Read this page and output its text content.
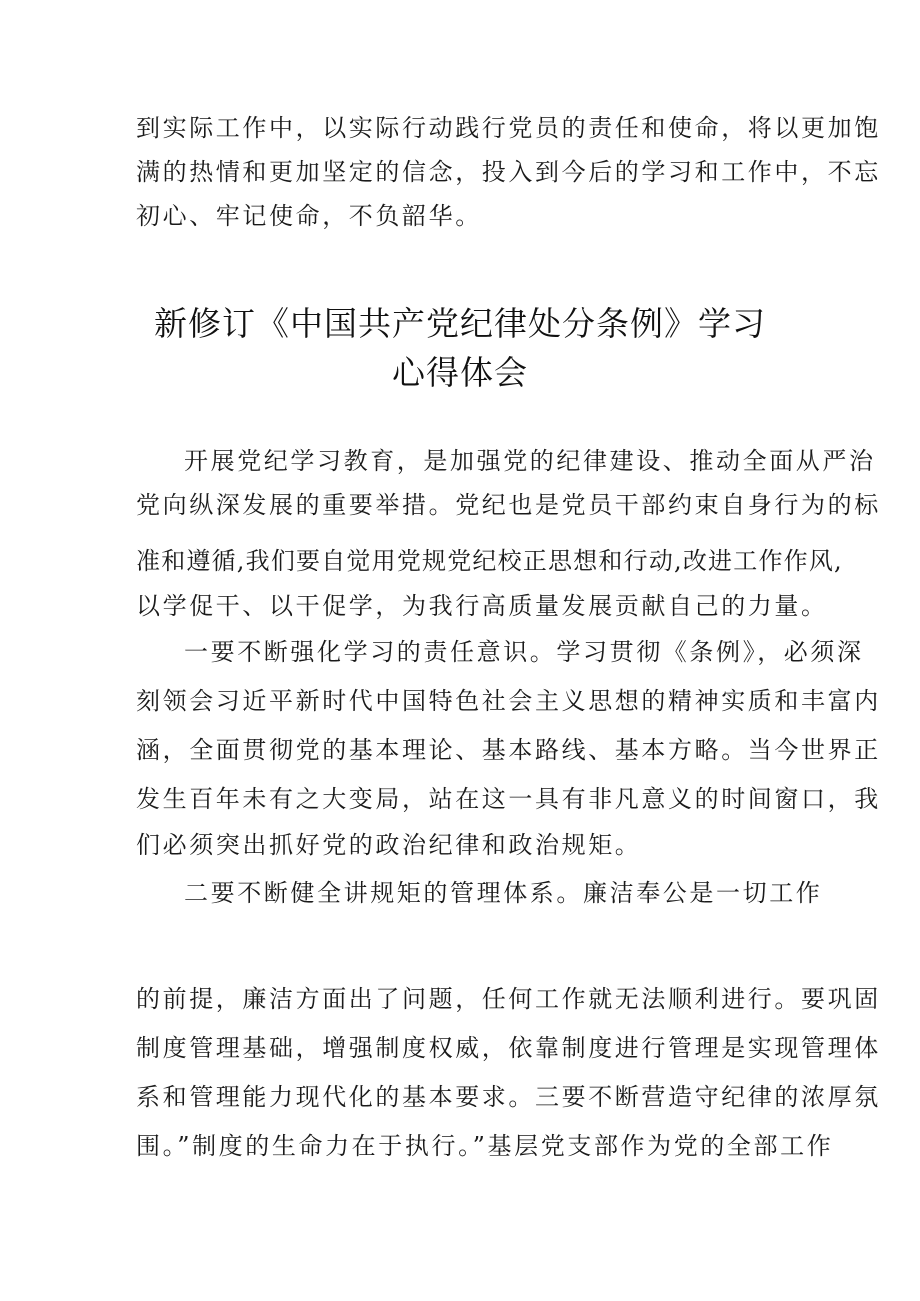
到实际工作中，以实际行动践行党员的责任和使命，将以更加饱
满的热情和更加坚定的信念，投入到今后的学习和工作中，不忘
初心、牢记使命，不负韶华。
新修订《中国共产党纪律处分条例》学习
心得体会
开展党纪学习教育，是加强党的纪律建设、推动全面从严治
党向纵深发展的重要举措。党纪也是党员干部约束自身行为的标
准和遵循,我们要自觉用党规党纪校正思想和行动,改进工作作风,
以学促干、以干促学，为我行高质量发展贡献自己的力量。
一要不断强化学习的责任意识。学习贯彻《条例》，必须深
刻领会习近平新时代中国特色社会主义思想的精神实质和丰富内
涵，全面贯彻党的基本理论、基本路线、基本方略。当今世界正
发生百年未有之大变局，站在这一具有非凡意义的时间窗口，我
们必须突出抓好党的政治纪律和政治规矩。
二要不断健全讲规矩的管理体系。廉洁奉公是一切工作
的前提，廉洁方面出了问题，任何工作就无法顺利进行。要巩固
制度管理基础，增强制度权威，依靠制度进行管理是实现管理体
系和管理能力现代化的基本要求。三要不断营造守纪律的浓厚氛
围。”制度的生命力在于执行。”基层党支部作为党的全部工作
